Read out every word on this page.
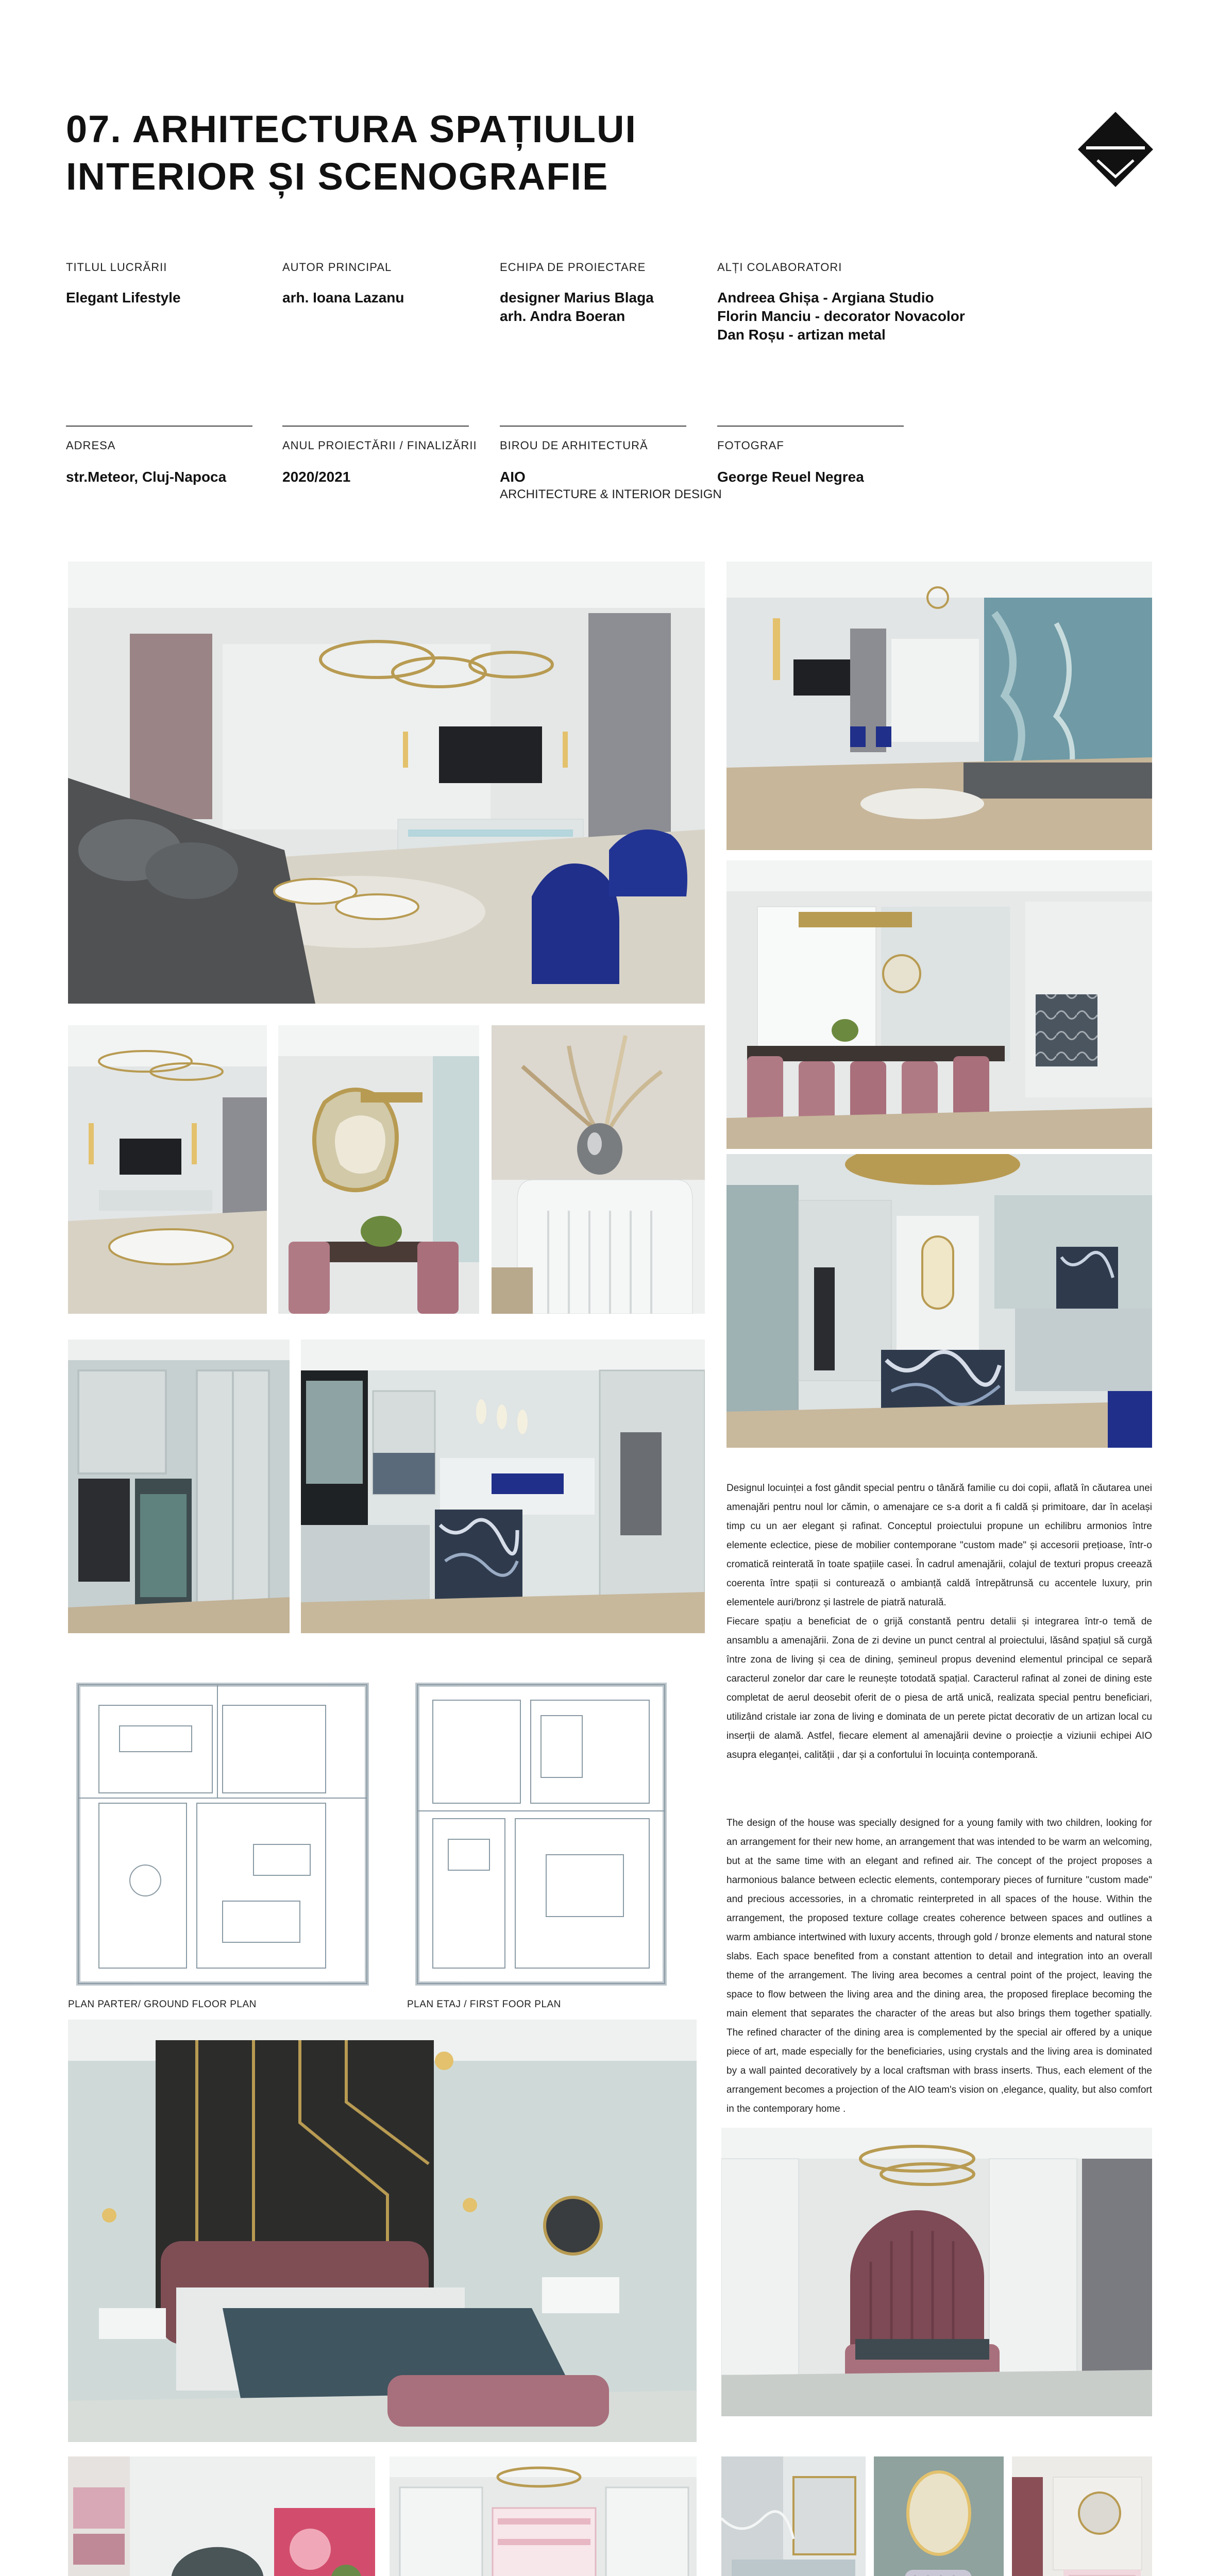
07. ARHITECTURA SPAȚIULUI
INTERIOR ȘI SCENOGRAFIE
TITLUL LUCRĂRII
Elegant Lifestyle
AUTOR PRINCIPAL
arh. Ioana Lazanu
ECHIPA DE PROIECTARE
designer Marius Blaga
arh. Andra Boeran
ALȚI COLABORATORI
Andreea Ghișa - Argiana Studio
Florin Manciu - decorator Novacolor
Dan Roșu - artizan metal
ADRESA
str.Meteor, Cluj-Napoca
ANUL PROIECTĂRII / FINALIZĂRII
2020/2021
BIROU DE ARHITECTURĂ
AIO
ARCHITECTURE & INTERIOR DESIGN
FOTOGRAF
George Reuel Negrea

Designul locuinței a fost gândit special pentru o tânără familie cu doi copii, aflată în căutarea unei amenajări pentru noul lor cămin, o amenajare ce s-a dorit a fi caldă și primitoare, dar în același timp cu un aer elegant și rafinat. Conceptul proiectului propune un echilibru armonios între elemente eclectice, piese de mobilier contemporane "custom made" și accesorii prețioase, într-o cromatică reinterată în toate spațiile casei. În cadrul amenajării, colajul de texturi propus creează coerenta între spații si conturează o ambianță caldă întrepătrunsă cu accentele luxury, prin elementele auri/bronz și lastrele de piatră naturală.

Fiecare spațiu a beneficiat de o grijă constantă pentru detalii și integrarea într-o temă de ansamblu a amenajării. Zona de zi devine un punct central al proiectului, lăsând spațiul să curgă între zona de living și cea de dining, șemineul propus devenind elementul principal ce separă caracterul zonelor dar care le reunește totodată spațial. Caracterul rafinat al zonei de dining este completat de aerul deosebit oferit de o piesa de artă unică, realizata special pentru beneficiari, utilizând cristale iar zona de living e dominata de un perete pictat decorativ de un artizan local cu inserții de alamă. Astfel, fiecare element al amenajării devine o proiecție a viziunii echipei AIO asupra eleganței, calității , dar și a confortului în locuința contemporană.

The design of the house was specially designed for a young family with two children, looking for an arrangement for their new home, an arrangement that was intended to be warm an welcoming, but at the same time with an elegant and refined air. The concept of the project proposes a harmonious balance between eclectic elements, contemporary pieces of furniture "custom made" and precious accessories, in a chromatic reinterpreted in all spaces of the house. Within the arrangement, the proposed texture collage creates coherence between spaces and outlines a warm ambiance intertwined with luxury accents, through gold / bronze elements and natural stone slabs. Each space benefited from a constant attention to detail and integration into an overall theme of the arrangement. The living area becomes a central point of the project, leaving the space to flow between the living area and the dining area, the proposed fireplace becoming the main element that separates the character of the areas but also brings them together spatially. The refined character of the dining area is complemented by the special air offered by a unique piece of art, made especially for the beneficiaries, using crystals and the living area is dominated by a wall painted decoratively by a local craftsman with brass inserts. Thus, each element of the arrangement becomes a projection of the AIO team's vision on ,elegance, quality, but also comfort in the contemporary home .

PLAN PARTER/ GROUND FLOOR PLAN	PLAN ETAJ / FIRST FOOR PLAN
